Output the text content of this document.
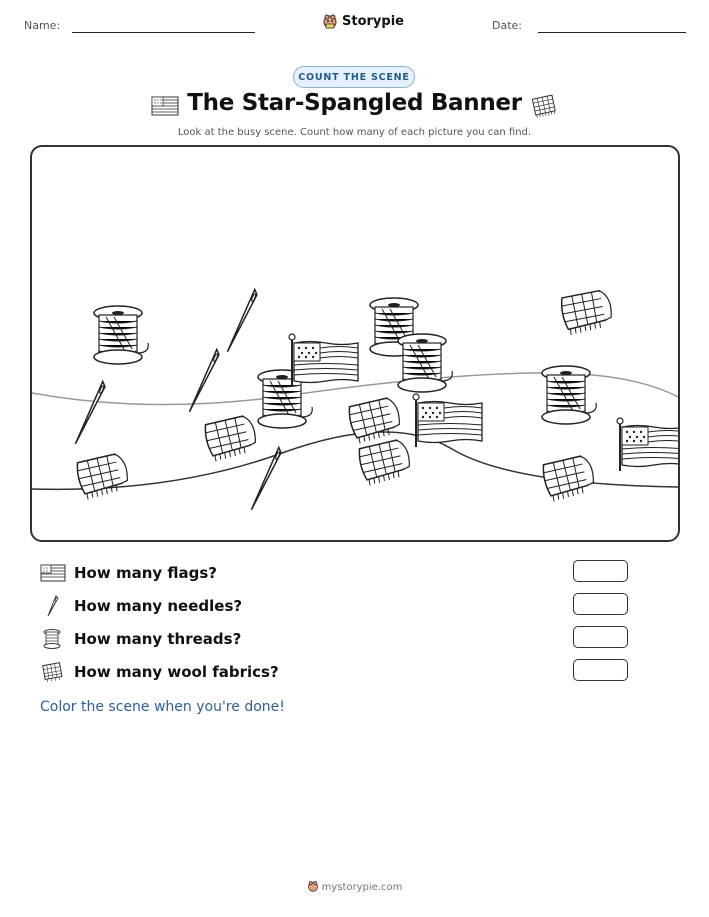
Name:	Storypie	Date:
COUNT THE SCENE
The Star-Spangled Banner
Look at the busy scene. Count how many of each picture you can find.
How many flags?
How many needles?
How many threads?
How many wool fabrics?
Color the scene when you're done!
mystorypie.com
